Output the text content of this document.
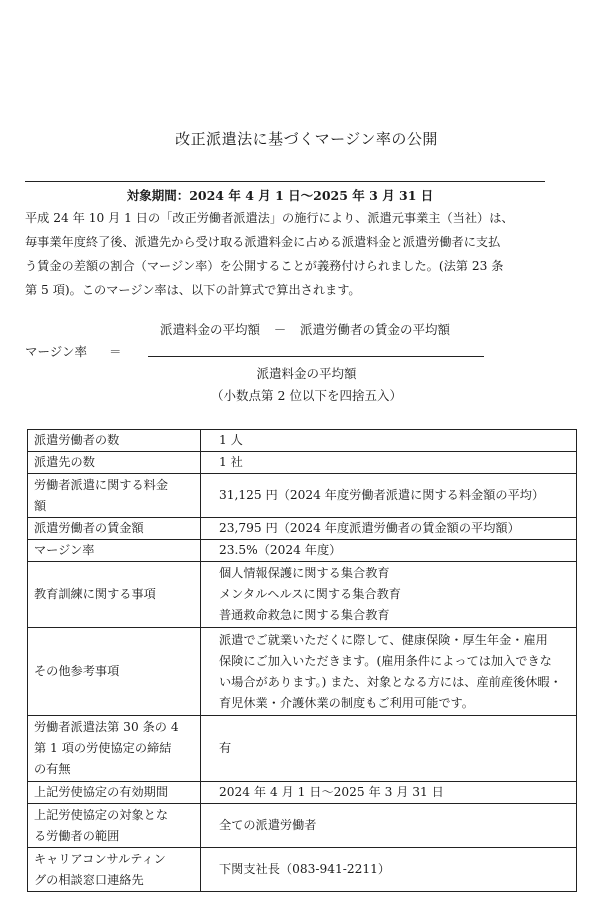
改正派遣法に基づくマージン率の公開
対象期間：2024 年 4 月 1 日～2025 年 3 月 31 日

平成 24 年 10 月 1 日の「改正労働者派遣法」の施行により、派遣元事業主（当社）は、

毎事業年度終了後、派遣先から受け取る派遣料金に占める派遣料金と派遣労働者に支払

う賃金の差額の割合（マージン率）を公開することが義務付けられました。(法第 23 条

第 5 項)。このマージン率は、以下の計算式で算出されます。

派遣料金の平均額 － 派遣労働者の賃金の平均額
マージン率 ＝
派遣料金の平均額
（小数点第 2 位以下を四捨五入）
派遣労働者の数	1 人

派遣先の数	1 社

労働者派遣に関する料金
額	31,125 円（2024 年度労働者派遣に関する料金額の平均）

派遣労働者の賃金額	23,795 円（2024 年度派遣労働者の賃金額の平均額）

マージン率	23.5%（2024 年度）

教育訓練に関する事項	個人情報保護に関する集合教育
メンタルヘルスに関する集合教育
普通救命救急に関する集合教育

その他参考事項	派遣でご就業いただくに際して、健康保険・厚生年金・雇用
保険にご加入いただきます。(雇用条件によっては加入できな
い場合があります。) また、対象となる方には、産前産後休暇・
育児休業・介護休業の制度もご利用可能です。

労働者派遣法第 30 条の 4
第 1 項の労使協定の締結
の有無	有

上記労使協定の有効期間	2024 年 4 月 1 日～2025 年 3 月 31 日

上記労使協定の対象とな
る労働者の範囲	全ての派遣労働者

キャリアコンサルティン
グの相談窓口連絡先	下関支社長（083-941-2211）
